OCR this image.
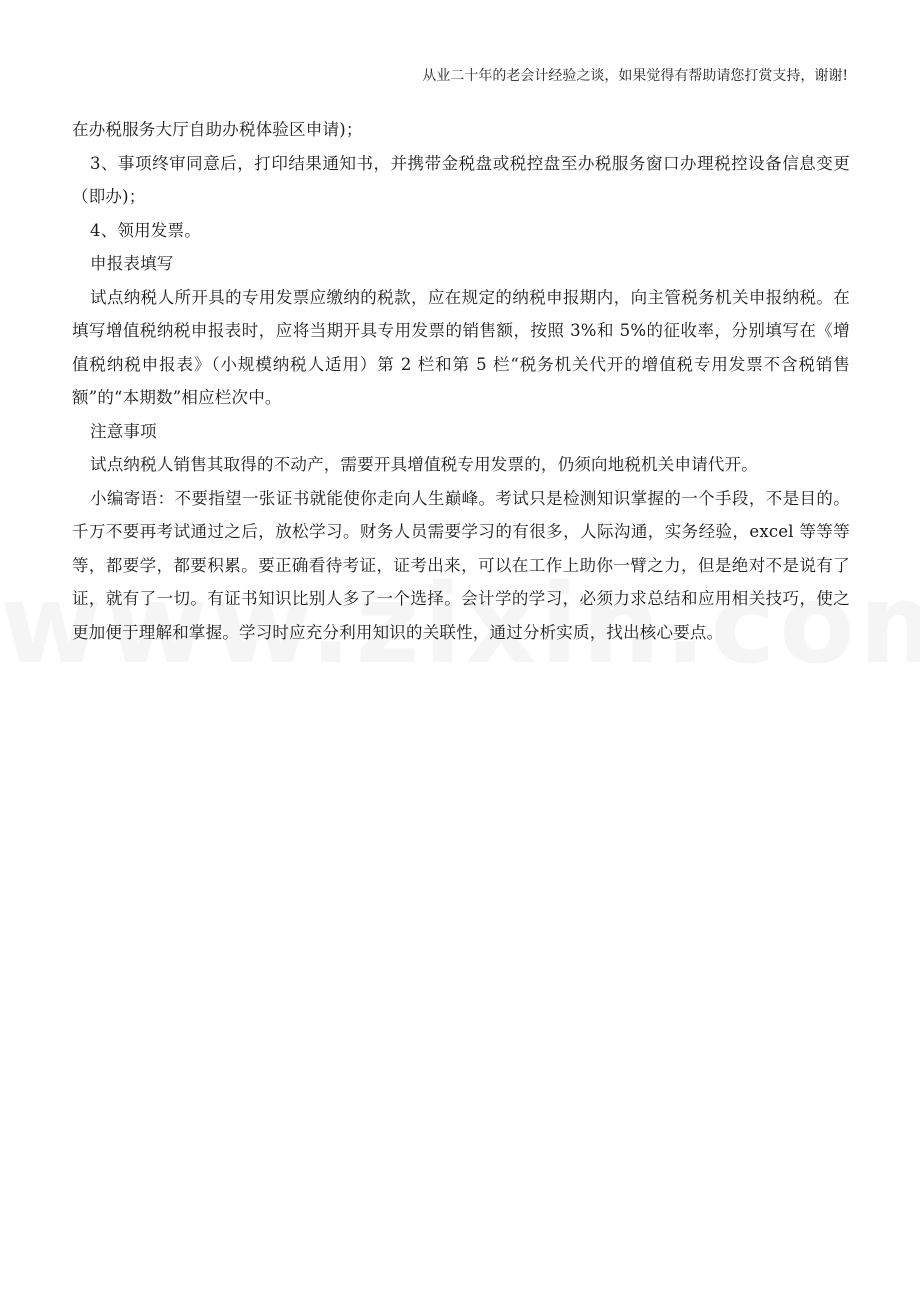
从业二十年的老会计经验之谈，如果觉得有帮助请您打赏支持，谢谢!

在办税服务大厅自助办税体验区申请)；

3、事项终审同意后，打印结果通知书，并携带金税盘或税控盘至办税服务窗口办理税控设备信息变更（即办)；

4、领用发票。

申报表填写

试点纳税人所开具的专用发票应缴纳的税款，应在规定的纳税申报期内，向主管税务机关申报纳税。在填写增值税纳税申报表时，应将当期开具专用发票的销售额，按照 3%和 5%的征收率，分别填写在《增值税纳税申报表》（小规模纳税人适用）第 2 栏和第 5 栏“税务机关代开的增值税专用发票不含税销售额”的“本期数”相应栏次中。

注意事项

试点纳税人销售其取得的不动产，需要开具增值税专用发票的，仍须向地税机关申请代开。

小编寄语：不要指望一张证书就能使你走向人生巅峰。考试只是检测知识掌握的一个手段，不是目的。千万不要再考试通过之后，放松学习。财务人员需要学习的有很多，人际沟通，实务经验，excel 等等等等，都要学，都要积累。要正确看待考证，证考出来，可以在工作上助你一臂之力，但是绝对不是说有了证，就有了一切。有证书知识比别人多了一个选择。会计学的学习，必须力求总结和应用相关技巧，使之更加便于理解和掌握。学习时应充分利用知识的关联性，通过分析实质，找出核心要点。
